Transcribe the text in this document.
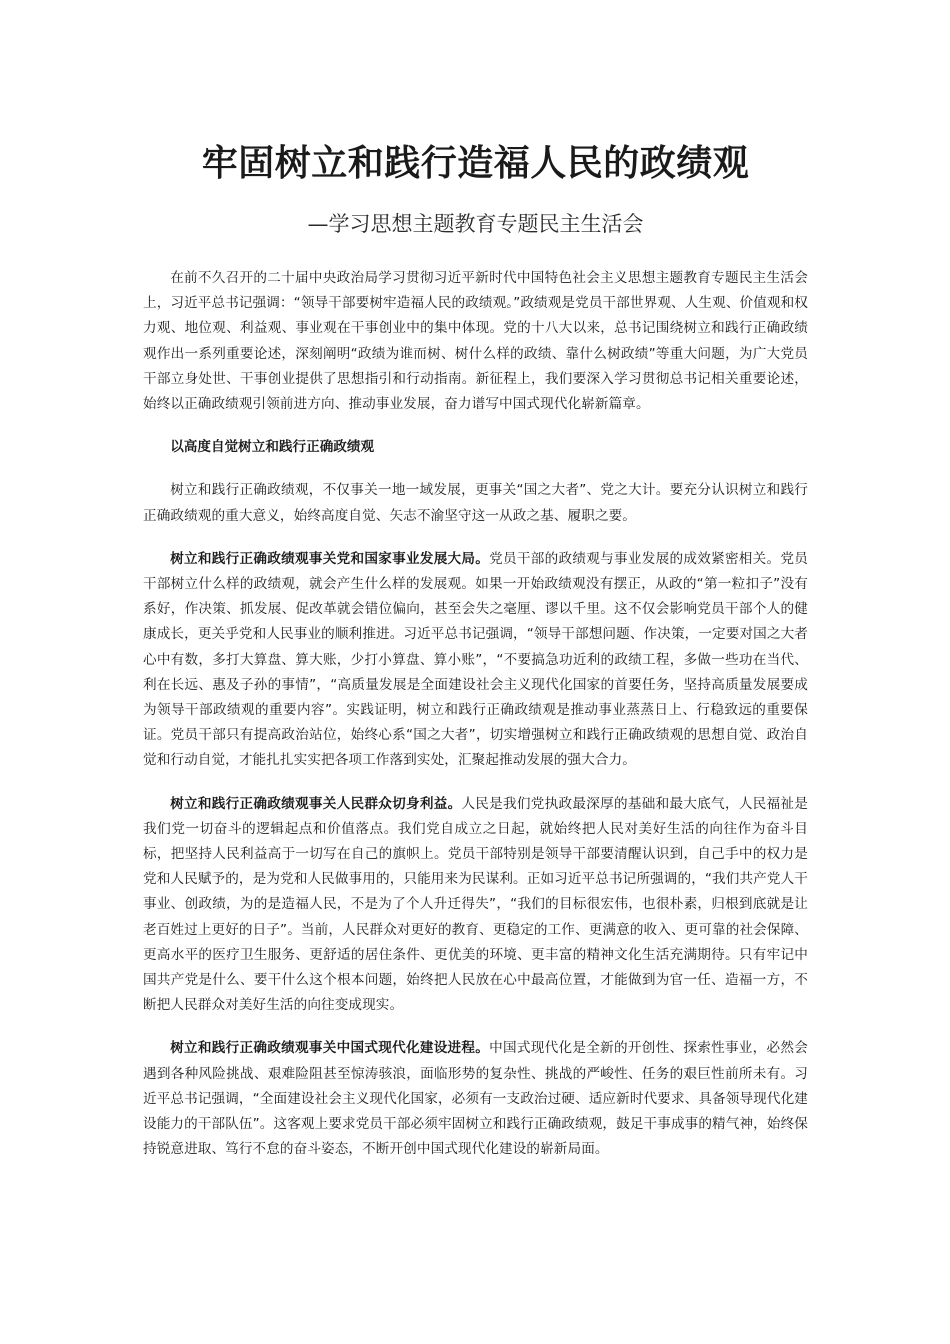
牢固树立和践行造福人民的政绩观
—学习思想主题教育专题民主生活会

在前不久召开的二十届中央政治局学习贯彻习近平新时代中国特色社会主义思想主题教育专题民主生活会上，习近平总书记强调：“领导干部要树牢造福人民的政绩观。”政绩观是党员干部世界观、人生观、价值观和权力观、地位观、利益观、事业观在干事创业中的集中体现。党的十八大以来，总书记围绕树立和践行正确政绩观作出一系列重要论述，深刻阐明“政绩为谁而树、树什么样的政绩、靠什么树政绩”等重大问题，为广大党员干部立身处世、干事创业提供了思想指引和行动指南。新征程上，我们要深入学习贯彻总书记相关重要论述，始终以正确政绩观引领前进方向、推动事业发展，奋力谱写中国式现代化崭新篇章。

以高度自觉树立和践行正确政绩观

树立和践行正确政绩观，不仅事关一地一域发展，更事关“国之大者”、党之大计。要充分认识树立和践行正确政绩观的重大意义，始终高度自觉、矢志不渝坚守这一从政之基、履职之要。

树立和践行正确政绩观事关党和国家事业发展大局。党员干部的政绩观与事业发展的成效紧密相关。党员干部树立什么样的政绩观，就会产生什么样的发展观。如果一开始政绩观没有摆正，从政的“第一粒扣子”没有系好，作决策、抓发展、促改革就会错位偏向，甚至会失之毫厘、谬以千里。这不仅会影响党员干部个人的健康成长，更关乎党和人民事业的顺利推进。习近平总书记强调，“领导干部想问题、作决策，一定要对国之大者心中有数，多打大算盘、算大账，少打小算盘、算小账”，“不要搞急功近利的政绩工程，多做一些功在当代、利在长远、惠及子孙的事情”，“高质量发展是全面建设社会主义现代化国家的首要任务，坚持高质量发展要成为领导干部政绩观的重要内容”。实践证明，树立和践行正确政绩观是推动事业蒸蒸日上、行稳致远的重要保证。党员干部只有提高政治站位，始终心系“国之大者”，切实增强树立和践行正确政绩观的思想自觉、政治自觉和行动自觉，才能扎扎实实把各项工作落到实处，汇聚起推动发展的强大合力。

树立和践行正确政绩观事关人民群众切身利益。人民是我们党执政最深厚的基础和最大底气，人民福祉是我们党一切奋斗的逻辑起点和价值落点。我们党自成立之日起，就始终把人民对美好生活的向往作为奋斗目标，把坚持人民利益高于一切写在自己的旗帜上。党员干部特别是领导干部要清醒认识到，自己手中的权力是党和人民赋予的，是为党和人民做事用的，只能用来为民谋利。正如习近平总书记所强调的，“我们共产党人干事业、创政绩，为的是造福人民，不是为了个人升迁得失”，“我们的目标很宏伟，也很朴素，归根到底就是让老百姓过上更好的日子”。当前，人民群众对更好的教育、更稳定的工作、更满意的收入、更可靠的社会保障、更高水平的医疗卫生服务、更舒适的居住条件、更优美的环境、更丰富的精神文化生活充满期待。只有牢记中国共产党是什么、要干什么这个根本问题，始终把人民放在心中最高位置，才能做到为官一任、造福一方，不断把人民群众对美好生活的向往变成现实。

树立和践行正确政绩观事关中国式现代化建设进程。中国式现代化是全新的开创性、探索性事业，必然会遇到各种风险挑战、艰难险阻甚至惊涛骇浪，面临形势的复杂性、挑战的严峻性、任务的艰巨性前所未有。习近平总书记强调，“全面建设社会主义现代化国家，必须有一支政治过硬、适应新时代要求、具备领导现代化建设能力的干部队伍”。这客观上要求党员干部必须牢固树立和践行正确政绩观，鼓足干事成事的精气神，始终保持锐意进取、笃行不怠的奋斗姿态，不断开创中国式现代化建设的崭新局面。
